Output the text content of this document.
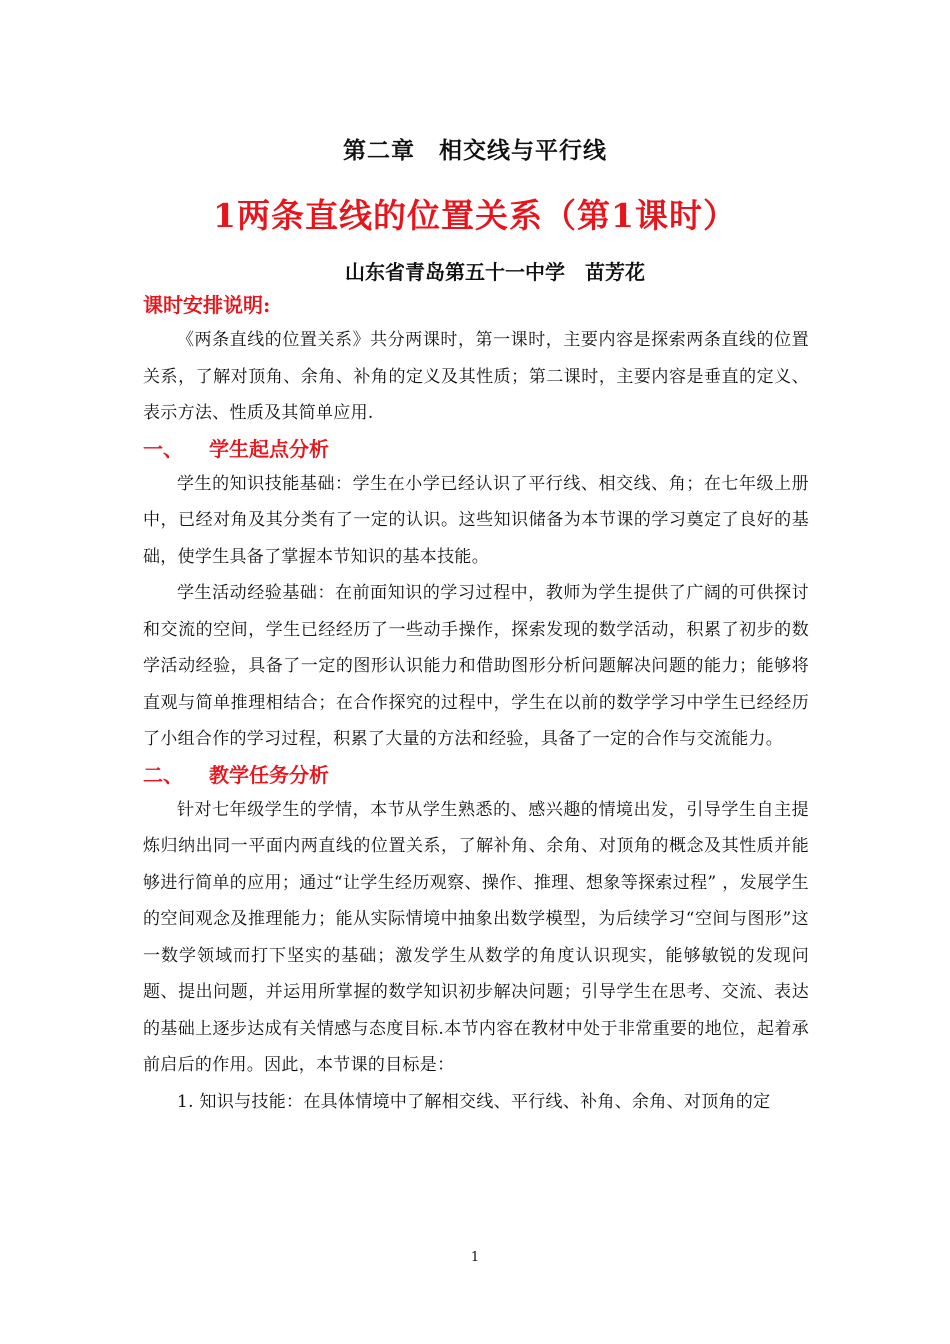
第二章　相交线与平行线
1两条直线的位置关系（第1课时）
山东省青岛第五十一中学　苗芳花
课时安排说明:

《两条直线的位置关系》共分两课时，第一课时，主要内容是探索两条直线的位置关系，了解对顶角、余角、补角的定义及其性质；第二课时，主要内容是垂直的定义、表示方法、性质及其简单应用.

一、 学生起点分析

学生的知识技能基础：学生在小学已经认识了平行线、相交线、角；在七年级上册中，已经对角及其分类有了一定的认识。这些知识储备为本节课的学习奠定了良好的基础，使学生具备了掌握本节知识的基本技能。

学生活动经验基础：在前面知识的学习过程中，教师为学生提供了广阔的可供探讨和交流的空间，学生已经经历了一些动手操作，探索发现的数学活动，积累了初步的数学活动经验，具备了一定的图形认识能力和借助图形分析问题解决问题的能力；能够将直观与简单推理相结合；在合作探究的过程中，学生在以前的数学学习中学生已经经历了小组合作的学习过程，积累了大量的方法和经验，具备了一定的合作与交流能力。

二、 教学任务分析

针对七年级学生的学情，本节从学生熟悉的、感兴趣的情境出发，引导学生自主提炼归纳出同一平面内两直线的位置关系，了解补角、余角、对顶角的概念及其性质并能够进行简单的应用；通过“让学生经历观察、操作、推理、想象等探索过程” ，发展学生的空间观念及推理能力；能从实际情境中抽象出数学模型，为后续学习“空间与图形”这一数学领域而打下坚实的基础；激发学生从数学的角度认识现实，能够敏锐的发现问题、提出问题，并运用所掌握的数学知识初步解决问题；引导学生在思考、交流、表达的基础上逐步达成有关情感与态度目标.本节内容在教材中处于非常重要的地位，起着承前启后的作用。因此，本节课的目标是：

1. 知识与技能：在具体情境中了解相交线、平行线、补角、余角、对顶角的定

1
